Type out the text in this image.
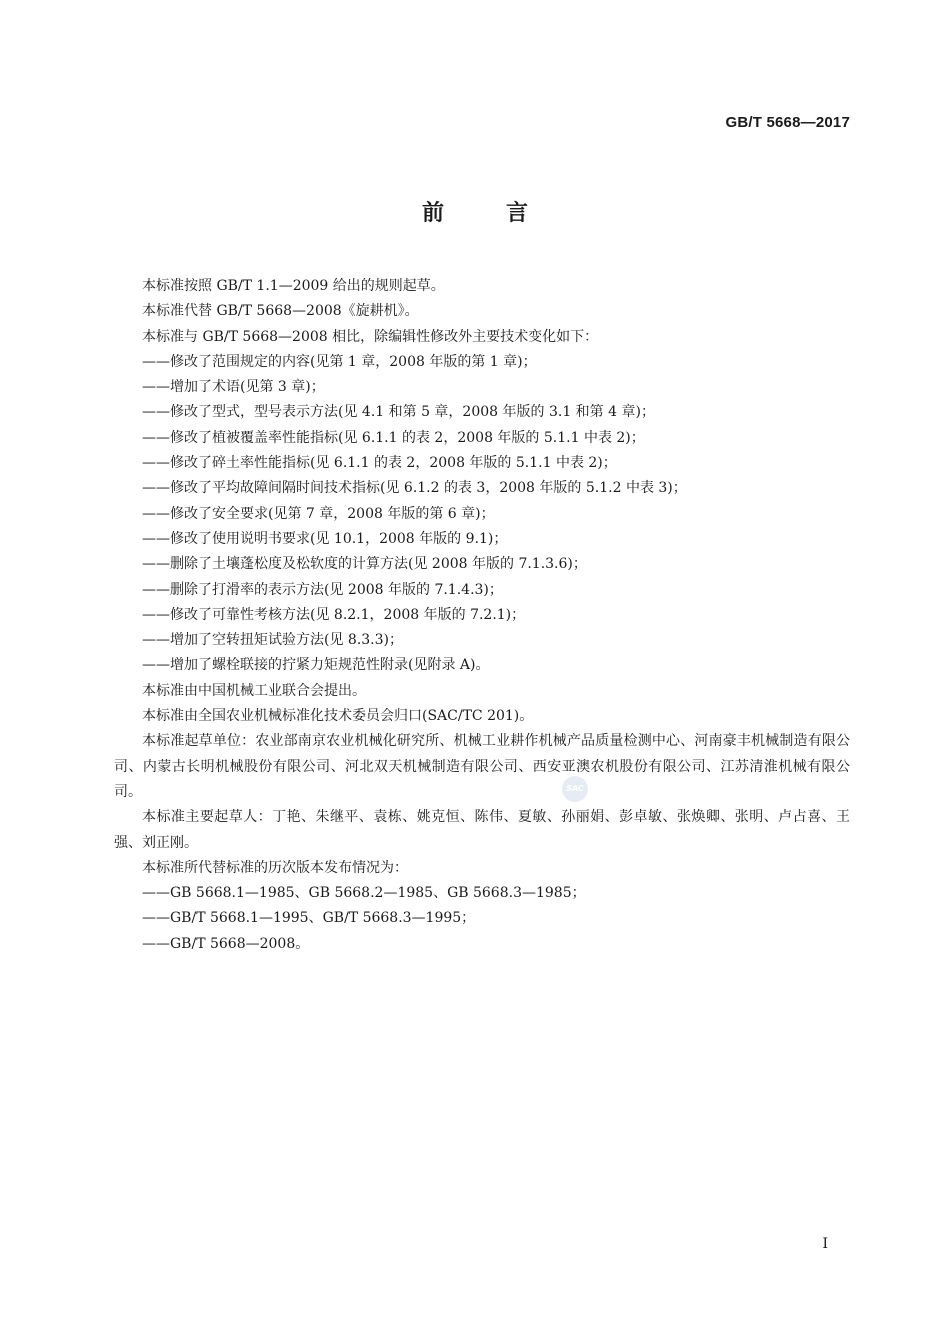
GB/T 5668—2017
前言

本标准按照 GB/T 1.1—2009 给出的规则起草。

本标准代替 GB/T 5668—2008《旋耕机》。

本标准与 GB/T 5668—2008 相比，除编辑性修改外主要技术变化如下：

——修改了范围规定的内容(见第 1 章，2008 年版的第 1 章)；

——增加了术语(见第 3 章)；

——修改了型式，型号表示方法(见 4.1 和第 5 章，2008 年版的 3.1 和第 4 章)；

——修改了植被覆盖率性能指标(见 6.1.1 的表 2，2008 年版的 5.1.1 中表 2)；

——修改了碎土率性能指标(见 6.1.1 的表 2，2008 年版的 5.1.1 中表 2)；

——修改了平均故障间隔时间技术指标(见 6.1.2 的表 3，2008 年版的 5.1.2 中表 3)；

——修改了安全要求(见第 7 章，2008 年版的第 6 章)；

——修改了使用说明书要求(见 10.1，2008 年版的 9.1)；

——删除了土壤蓬松度及松软度的计算方法(见 2008 年版的 7.1.3.6)；

——删除了打滑率的表示方法(见 2008 年版的 7.1.4.3)；

——修改了可靠性考核方法(见 8.2.1，2008 年版的 7.2.1)；

——增加了空转扭矩试验方法(见 8.3.3)；

——增加了螺栓联接的拧紧力矩规范性附录(见附录 A)。

本标准由中国机械工业联合会提出。

本标准由全国农业机械标准化技术委员会归口(SAC/TC 201)。

本标准起草单位：农业部南京农业机械化研究所、机械工业耕作机械产品质量检测中心、河南豪丰机械制造有限公司、内蒙古长明机械股份有限公司、河北双天机械制造有限公司、西安亚澳农机股份有限公司、江苏清淮机械有限公司。

本标准主要起草人：丁艳、朱继平、袁栋、姚克恒、陈伟、夏敏、孙丽娟、彭卓敏、张焕卿、张明、卢占喜、王强、刘正刚。

本标准所代替标准的历次版本发布情况为：

——GB 5668.1—1985、GB 5668.2—1985、GB 5668.3—1985；

——GB/T 5668.1—1995、GB/T 5668.3—1995；

——GB/T 5668—2008。

SAC
I
